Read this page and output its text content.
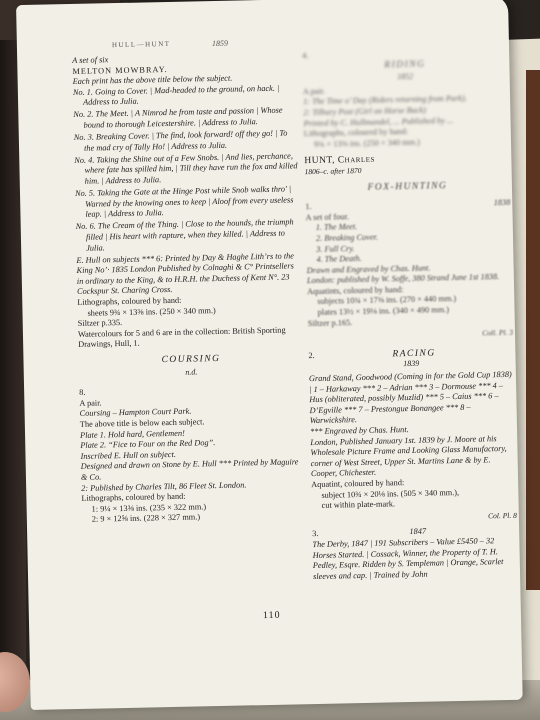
HULL—HUNT	1859
A set of six
MELTON MOWBRAY.
Each print has the above title below the subject.
No. 1. Going to Cover. | Mad-headed to the ground, on hack. | Address to Julia.
No. 2. The Meet. | A Nimrod he from taste and passion | Whose bound to thorough Leicestershire. | Address to Julia.
No. 3. Breaking Cover. | The find, look forward! off they go! | To the mad cry of Tally Ho! | Address to Julia.
No. 4. Taking the Shine out of a Few Snobs. | And lies, perchance, where fate has spilled him, | Till they have run the fox and killed him. | Address to Julia.
No. 5. Taking the Gate at the Hinge Post while Snob walks thro' | Warned by the knowing ones to keep | Aloof from every useless leap. | Address to Julia.
No. 6. The Cream of the Thing. | Close to the hounds, the triumph filled | His heart with rapture, when they killed. | Address to Julia.
E. Hull on subjects *** 6: Printed by Day & Haghe Lith’rs to the King No’· 1835 London Published by Colnaghi & C° Printsellers in ordinary to the King, & to H.R.H. the Duchess of Kent N°. 23 Cockspur St. Charing Cross.
Lithographs, coloured by hand:
sheets 9¾ × 13⅜ ins. (250 × 340 mm.)
Siltzer p.335.
Watercolours for 5 and 6 are in the collection: British Sporting Drawings, Hull, 1.
COURSING
n.d.
8.
A pair.
Coursing – Hampton Court Park.
The above title is below each subject.
Plate 1. Hold hard, Gentlemen!
Plate 2. “Fice to Four on the Red Dog”.
Inscribed E. Hull on subject.
Designed and drawn on Stone by E. Hull *** Printed by Maguire & Co.
2: Published by Charles Tilt, 86 Fleet St. London.
Lithographs, coloured by hand:
1: 9¼ × 13⅜ ins. (235 × 322 mm.)
2: 9 × 12⅝ ins. (228 × 327 mm.)
4.
RIDING
1852
A pair.
1: The Time o’ Day (Riders returning from Park).
2: Tilbury Post (Girl on Horse Back)
Printed by C. Hullmandel, ... Published by ...
Lithographs, coloured by hand:
9¾ × 13⅜ ins. (250 × 340 mm.)
HUNT, Charles
1806–c. after 1870
FOX-HUNTING
1.	1838
A set of four.
1. The Meet.
2. Breaking Cover.
3. Full Cry.
4. The Death.
Drawn and Engraved by Chas. Hunt.
London: published by W. Soffe, 380 Strand June 1st 1838.
Aquatints, coloured by hand:
subjects 10¾ × 17⅜ ins. (270 × 440 mm.)
plates 13½ × 19⅛ ins. (340 × 490 mm.)
Siltzer p.165.
Coll. Pl. 3
2.	RACING
1839
Grand Stand, Goodwood (Coming in for the Gold Cup 1838) | 1 – Harkaway *** 2 – Adrian *** 3 – Dormouse *** 4 – Hus (obliterated, possibly Muzlid) *** 5 – Caius *** 6 – D’Egville *** 7 – Prestongue Bonangee *** 8 – Warwickshire.
*** Engraved by Chas. Hunt.
London, Published January 1st. 1839 by J. Moore at his Wholesale Picture Frame and Looking Glass Manufactory, corner of West Street, Upper St. Martins Lane & by E. Cooper, Chichester.
Aquatint, coloured by hand:
subject 10¾ × 20⅛ ins. (505 × 340 mm.),
cut within plate-mark.
Col. Pl. 8
3.	1847
The Derby, 1847 | 191 Subscribers – Value £5450 – 32 Horses Started. | Cossack, Winner, the Property of T. H. Pedley, Esqre. Ridden by S. Templeman | Orange, Scarlet sleeves and cap. | Trained by John
110
